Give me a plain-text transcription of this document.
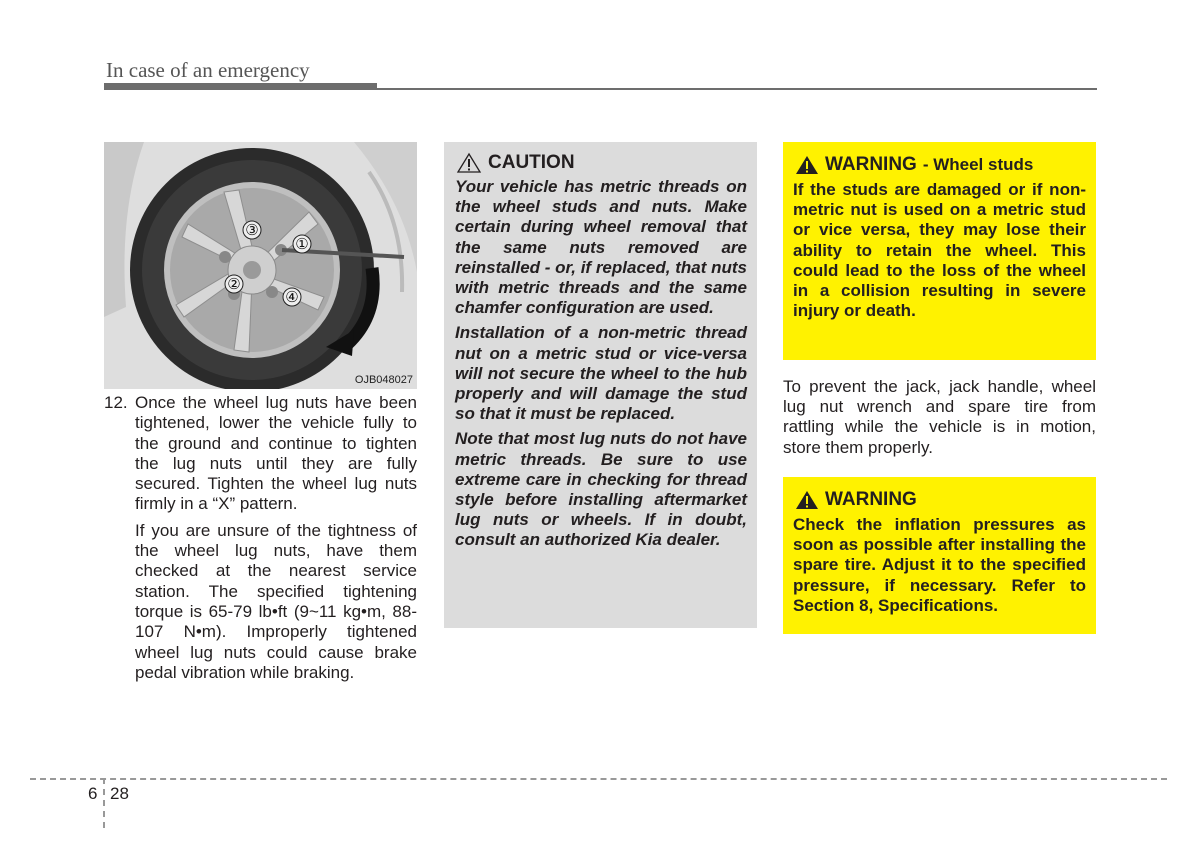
In case of an emergency
①
②
③
④
OJB048027
12. Once the wheel lug nuts have been tightened, lower the vehicle fully to the ground and continue to tighten the lug nuts until they are fully secured. Tighten the wheel lug nuts firmly in a “X” pattern.

If you are unsure of the tightness of the wheel lug nuts, have them checked at the nearest service station. The specified tightening torque is 65-79 lb•ft (9~11 kg•m, 88-107 N•m). Improperly tightened wheel lug nuts could cause brake pedal vibration while braking.

CAUTION

Your vehicle has metric threads on the wheel studs and nuts. Make certain during wheel removal that the same nuts removed are reinstalled - or, if replaced, that nuts with metric threads and the same chamfer configuration are used.

Installation of a non-metric thread nut on a metric stud or vice-versa will not secure the wheel to the hub properly and will damage the stud so that it must be replaced.

Note that most lug nuts do not have metric threads. Be sure to use extreme care in checking for thread style before installing aftermarket lug nuts or wheels. If in doubt, consult an authorized Kia dealer.

WARNING - Wheel studs

If the studs are damaged or if non-metric nut is used on a metric stud or vice versa, they may lose their ability to retain the wheel. This could lead to the loss of the wheel in a collision resulting in severe injury or death.

To prevent the jack, jack handle, wheel lug nut wrench and spare tire from rattling while the vehicle is in motion, store them properly.

WARNING

Check the inflation pressures as soon as possible after installing the spare tire. Adjust it to the specified pressure, if necessary. Refer to Section 8, Specifications.

6 28
